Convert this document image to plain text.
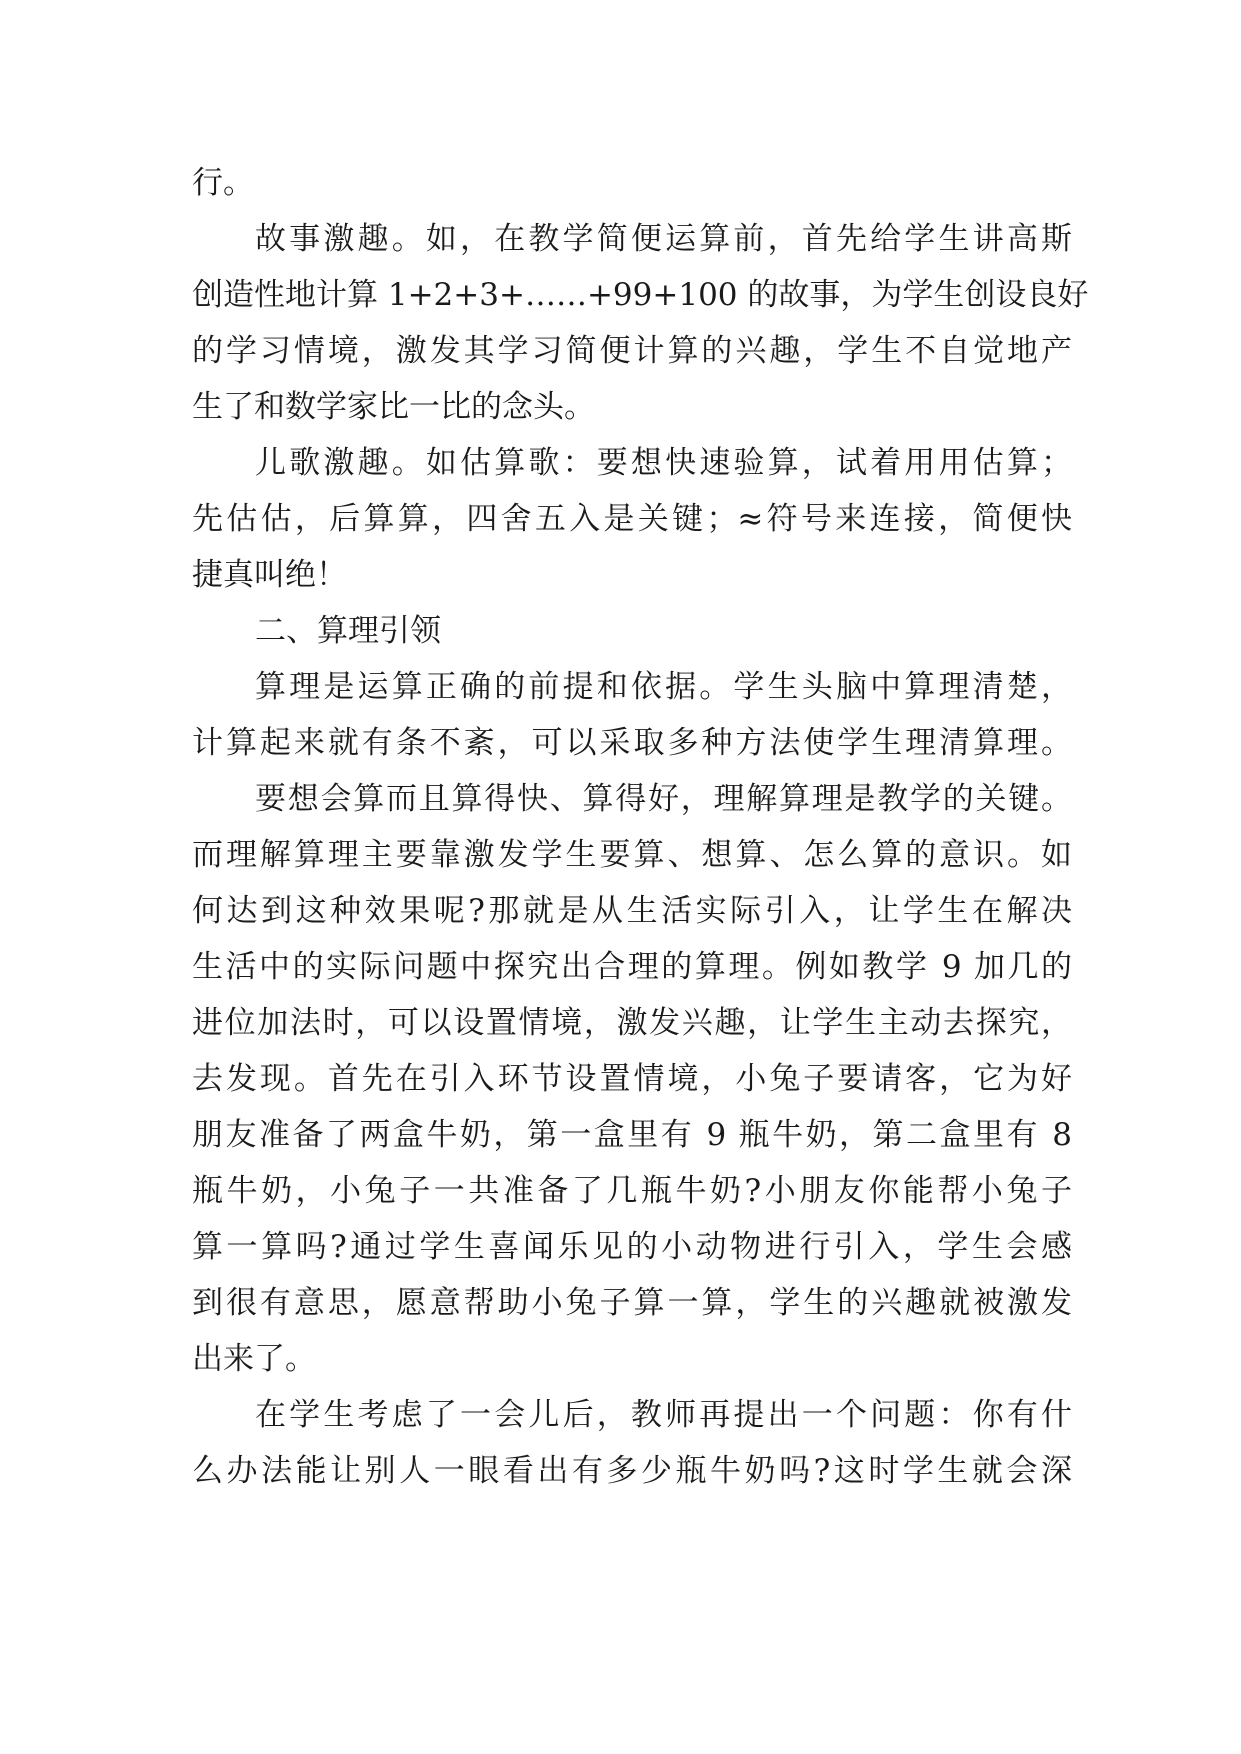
行。
故事激趣。如，在教学简便运算前，首先给学生讲高斯
创造性地计算 1+2+3+……+99+100 的故事，为学生创设良好
的学习情境，激发其学习简便计算的兴趣，学生不自觉地产
生了和数学家比一比的念头。
儿歌激趣。如估算歌：要想快速验算，试着用用估算；
先估估，后算算，四舍五入是关键；≈符号来连接，简便快
捷真叫绝！
二、算理引领
算理是运算正确的前提和依据。学生头脑中算理清楚，
计算起来就有条不紊，可以采取多种方法使学生理清算理。
要想会算而且算得快、算得好，理解算理是教学的关键。
而理解算理主要靠激发学生要算、想算、怎么算的意识。如
何达到这种效果呢?那就是从生活实际引入，让学生在解决
生活中的实际问题中探究出合理的算理。例如教学 9 加几的
进位加法时，可以设置情境，激发兴趣，让学生主动去探究，
去发现。首先在引入环节设置情境，小兔子要请客，它为好
朋友准备了两盒牛奶，第一盒里有 9 瓶牛奶，第二盒里有 8
瓶牛奶，小兔子一共准备了几瓶牛奶?小朋友你能帮小兔子
算一算吗?通过学生喜闻乐见的小动物进行引入，学生会感
到很有意思，愿意帮助小兔子算一算，学生的兴趣就被激发
出来了。
在学生考虑了一会儿后，教师再提出一个问题：你有什
么办法能让别人一眼看出有多少瓶牛奶吗?这时学生就会深
